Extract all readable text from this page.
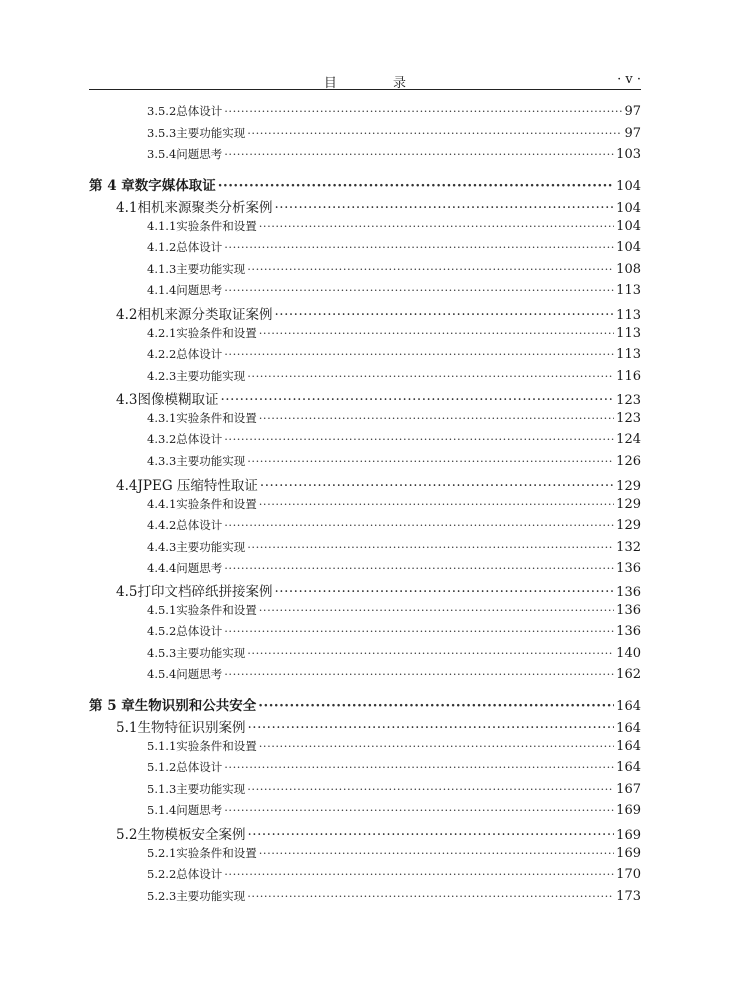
目 录	· v ·
3.5.2 总体设计 ·····	97
3.5.3 主要功能实现 ·····	97
3.5.4 问题思考 ·····	103
第 4 章 数字媒体取证 ·····	104
4.1 相机来源聚类分析案例 ·····	104
4.1.1 实验条件和设置 ·····	104
4.1.2 总体设计 ·····	104
4.1.3 主要功能实现 ·····	108
4.1.4 问题思考 ·····	113
4.2 相机来源分类取证案例 ·····	113
4.2.1 实验条件和设置 ·····	113
4.2.2 总体设计 ·····	113
4.2.3 主要功能实现 ·····	116
4.3 图像模糊取证 ·····	123
4.3.1 实验条件和设置 ·····	123
4.3.2 总体设计 ·····	124
4.3.3 主要功能实现 ·····	126
4.4 JPEG 压缩特性取证 ·····	129
4.4.1 实验条件和设置 ·····	129
4.4.2 总体设计 ·····	129
4.4.3 主要功能实现 ·····	132
4.4.4 问题思考 ·····	136
4.5 打印文档碎纸拼接案例 ·····	136
4.5.1 实验条件和设置 ·····	136
4.5.2 总体设计 ·····	136
4.5.3 主要功能实现 ·····	140
4.5.4 问题思考 ·····	162
第 5 章 生物识别和公共安全 ·····	164
5.1 生物特征识别案例 ·····	164
5.1.1 实验条件和设置 ·····	164
5.1.2 总体设计 ·····	164
5.1.3 主要功能实现 ·····	167
5.1.4 问题思考 ·····	169
5.2 生物模板安全案例 ·····	169
5.2.1 实验条件和设置 ·····	169
5.2.2 总体设计 ·····	170
5.2.3 主要功能实现 ·····	173
